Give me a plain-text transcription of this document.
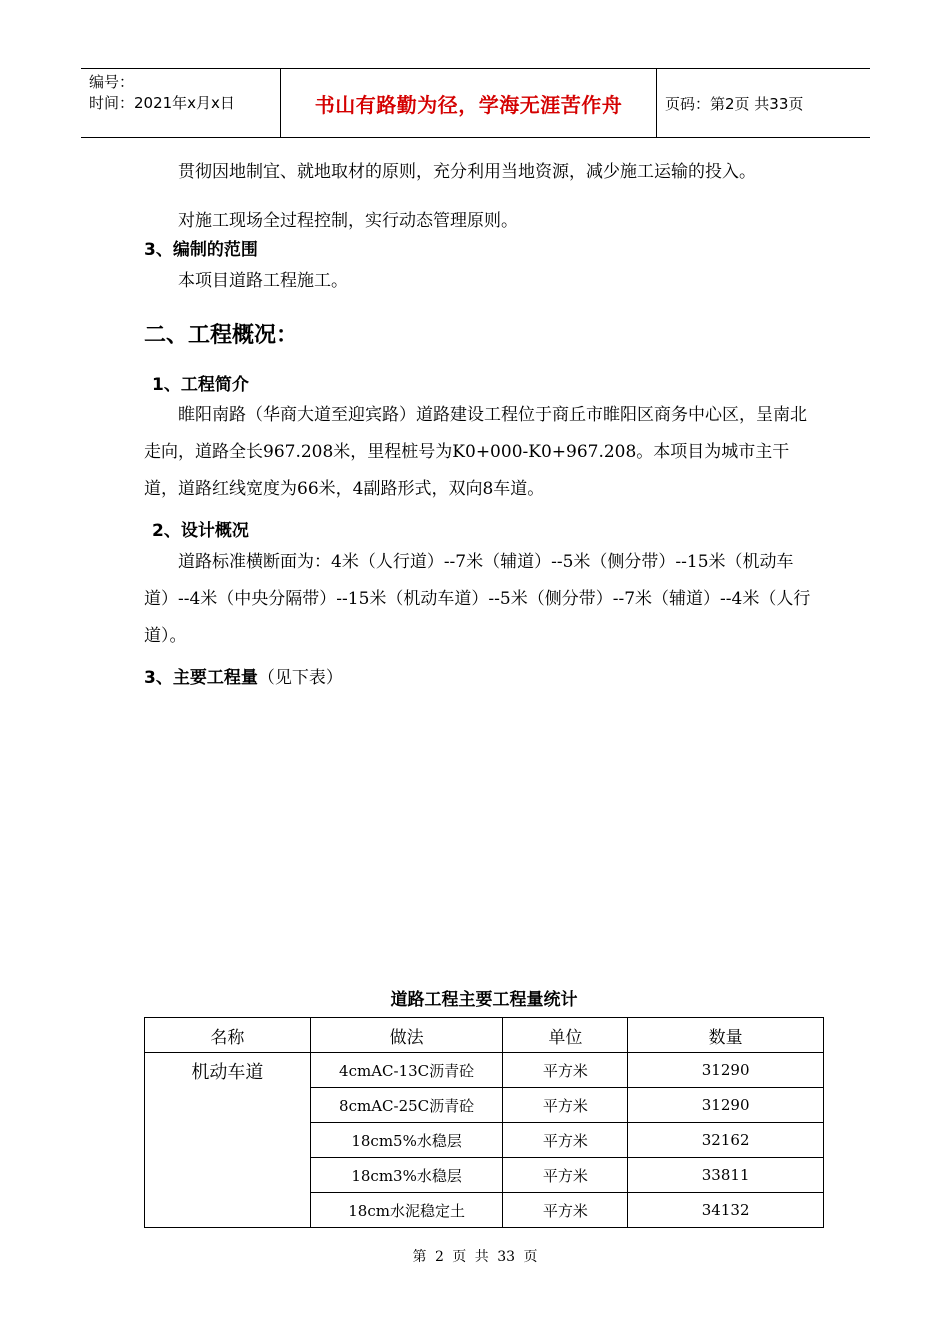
编号：
时间：2021年x月x日	书山有路勤为径，学海无涯苦作舟	页码：第2页 共33页

贯彻因地制宜、就地取材的原则，充分利用当地资源，减少施工运输的投入。

对施工现场全过程控制，实行动态管理原则。

3、编制的范围

本项目道路工程施工。

二、工程概况：
1、工程简介

睢阳南路（华商大道至迎宾路）道路建设工程位于商丘市睢阳区商务中心区，呈南北走向，道路全长967.208米，里程桩号为K0+000-K0+967.208。本项目为城市主干道，道路红线宽度为66米，4副路形式，双向8车道。

2、设计概况

道路标准横断面为：4米（人行道）--7米（辅道）--5米（侧分带）--15米（机动车道）--4米（中央分隔带）--15米（机动车道）--5米（侧分带）--7米（辅道）--4米（人行道）。

3、主要工程量（见下表）
道路工程主要工程量统计
名称	做法	单位	数量
机动车道	4cmAC-13C沥青砼	平方米	31290
	8cmAC-25C沥青砼	平方米	31290
	18cm5%水稳层	平方米	32162
	18cm3%水稳层	平方米	33811
	18cm水泥稳定土	平方米	34132
第 2 页 共 33 页
